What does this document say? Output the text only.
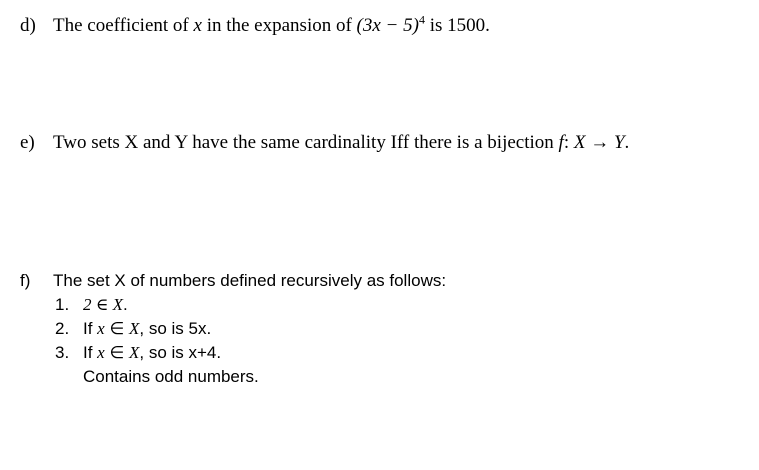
d) The coefficient of x in the expansion of $(3x - 5)^4$ is 1500.
e) Two sets X and Y have the same cardinality Iff there is a bijection f: X → Y.
f) The set X of numbers defined recursively as follows:
1. 2 ∈ X.
2. If x ∈ X, so is 5x.
3. If x ∈ X, so is x+4.
Contains odd numbers.
